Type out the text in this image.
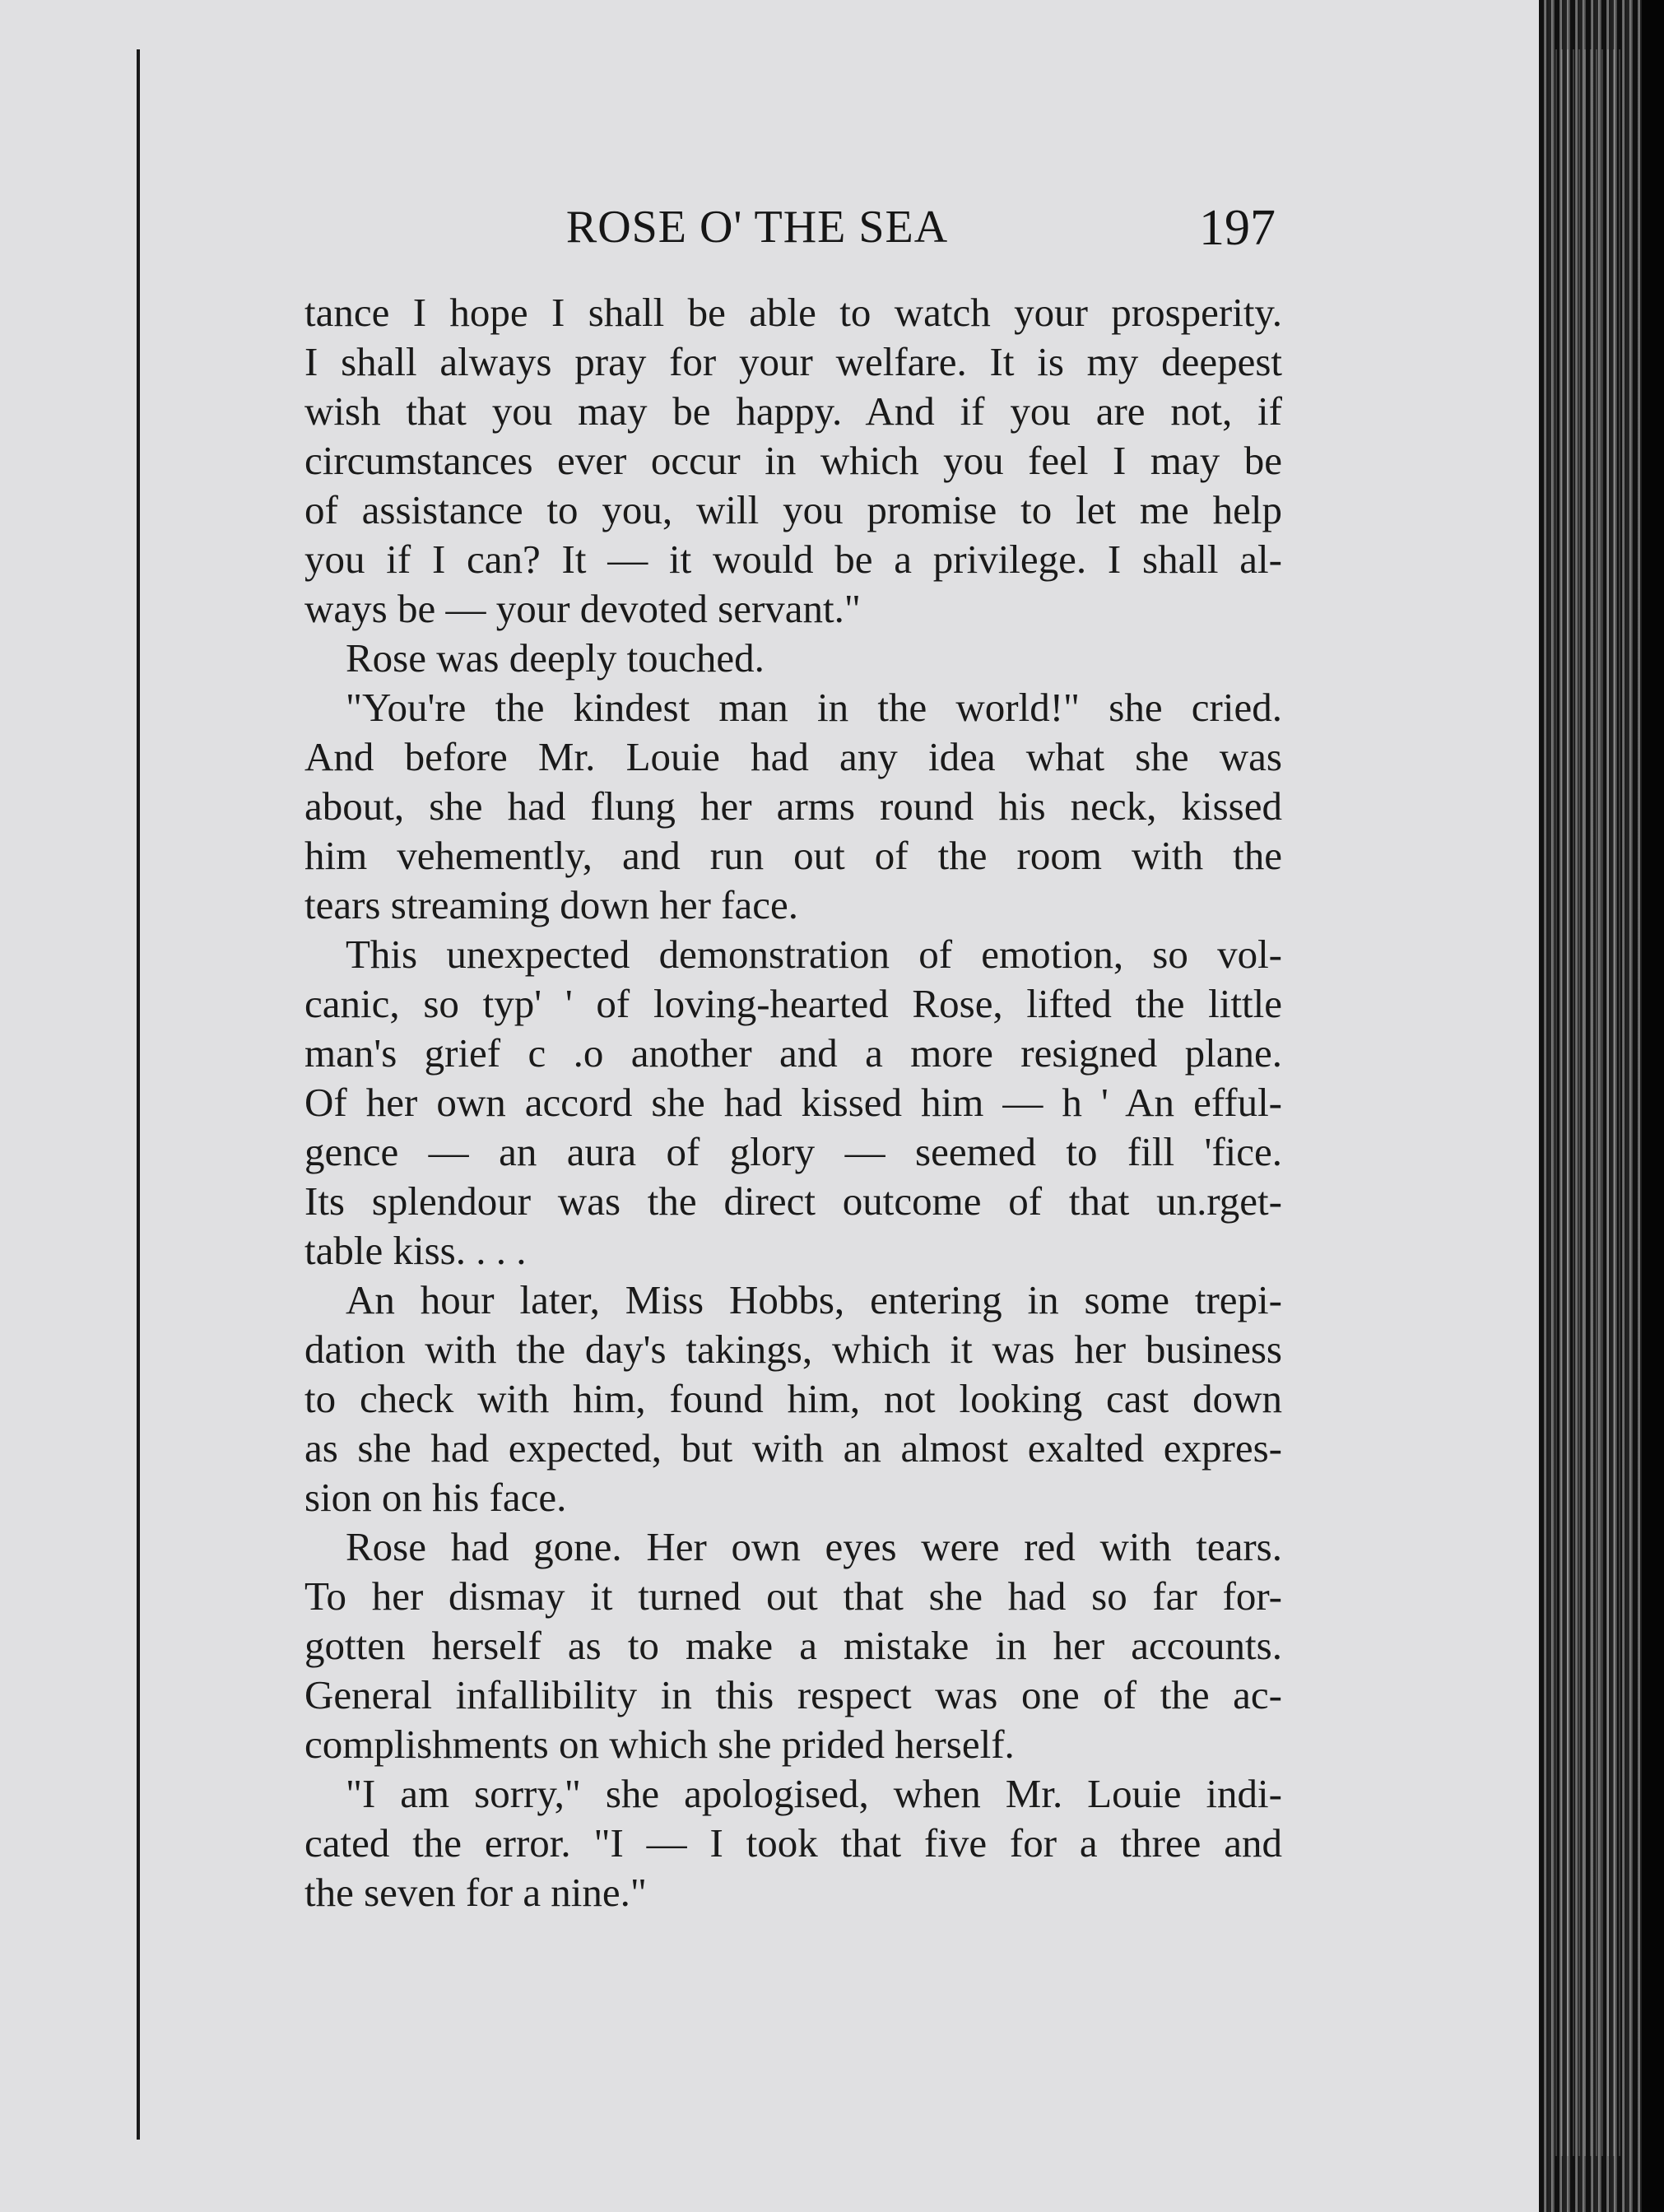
ROSE O' THE SEA	197
tance I hope I shall be able to watch your prosperity.
I shall always pray for your welfare. It is my deepest
wish that you may be happy. And if you are not, if
circumstances ever occur in which you feel I may be
of assistance to you, will you promise to let me help
you if I can? It — it would be a privilege. I shall al-
ways be — your devoted servant."
Rose was deeply touched.
"You're the kindest man in the world!" she cried.
And before Mr. Louie had any idea what she was
about, she had flung her arms round his neck, kissed
him vehemently, and run out of the room with the
tears streaming down her face.
This unexpected demonstration of emotion, so vol-
canic, so typ' ' of loving-hearted Rose, lifted the little
man's grief c .o another and a more resigned plane.
Of her own accord she had kissed him — h ' An efful-
gence — an aura of glory — seemed to fill 'fice.
Its splendour was the direct outcome of that un.rget-
table kiss. . . .
An hour later, Miss Hobbs, entering in some trepi-
dation with the day's takings, which it was her business
to check with him, found him, not looking cast down
as she had expected, but with an almost exalted expres-
sion on his face.
Rose had gone. Her own eyes were red with tears.
To her dismay it turned out that she had so far for-
gotten herself as to make a mistake in her accounts.
General infallibility in this respect was one of the ac-
complishments on which she prided herself.
"I am sorry," she apologised, when Mr. Louie indi-
cated the error. "I — I took that five for a three and
the seven for a nine."
